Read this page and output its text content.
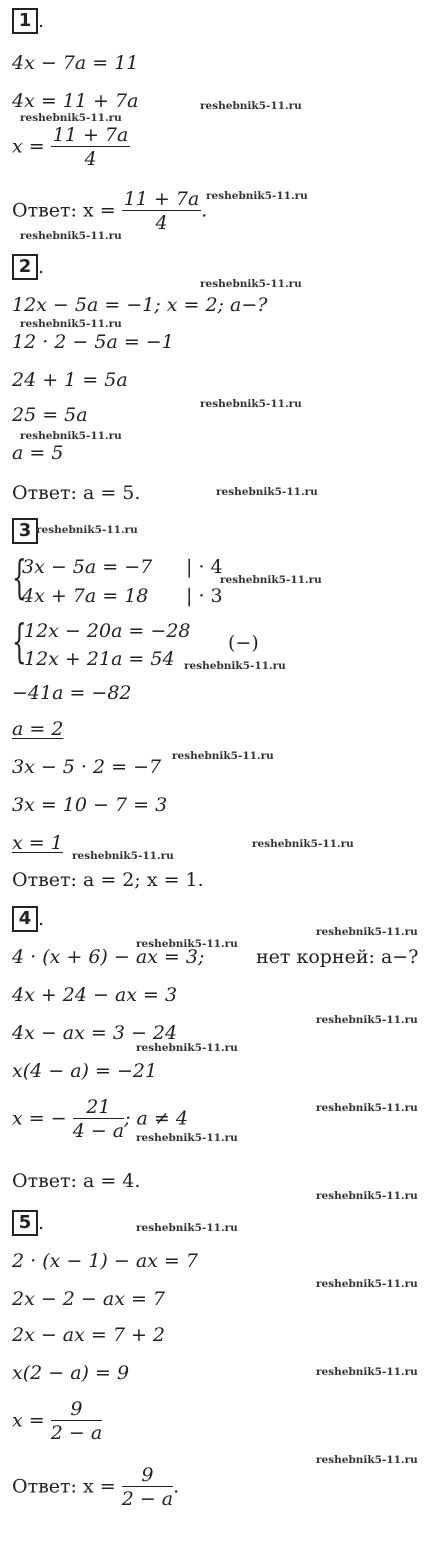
1 .
4x − 7a = 11
4x = 11 + 7a
$x = \frac{11 + 7a}{4}$
Ответ: $x = \frac{11 + 7a}{4}$ .
2 .
12x − 5a = −1; x = 2; a−?
12 · 2 − 5a = −1
24 + 1 = 5a
25 = 5a
a = 5
Ответ: a = 5.
3
{
3x − 5a = −7 | · 4
4x + 7a = 18 | · 3
{
12x − 20a = −28
12x + 21a = 54
(−)
−41a = −82
a = 2
3x − 5 · 2 = −7
3x = 10 − 7 = 3
x = 1
Ответ: a = 2; x = 1.
4 .
4 · (x + 6) − ax = 3;	нет корней: a−?
4x + 24 − ax = 3
4x − ax = 3 − 24
x(4 − a) = −21
x = − $\frac{21}{4 - a}$ ; a ≠ 4
Ответ: a = 4.
5 .
2 · (x − 1) − ax = 7
2x − 2 − ax = 7
2x − ax = 7 + 2
x(2 − a) = 9
$x = \frac{9}{2 - a}$
Ответ: $x = \frac{9}{2 - a}$ .
reshebnik5-11.ru
reshebnik5-11.ru
reshebnik5-11.ru
reshebnik5-11.ru
reshebnik5-11.ru
reshebnik5-11.ru
reshebnik5-11.ru
reshebnik5-11.ru
reshebnik5-11.ru
reshebnik5-11.ru
reshebnik5-11.ru
reshebnik5-11.ru
reshebnik5-11.ru
reshebnik5-11.ru
reshebnik5-11.ru
reshebnik5-11.ru
reshebnik5-11.ru
reshebnik5-11.ru
reshebnik5-11.ru
reshebnik5-11.ru
reshebnik5-11.ru
reshebnik5-11.ru
reshebnik5-11.ru
reshebnik5-11.ru
reshebnik5-11.ru
reshebnik5-11.ru
